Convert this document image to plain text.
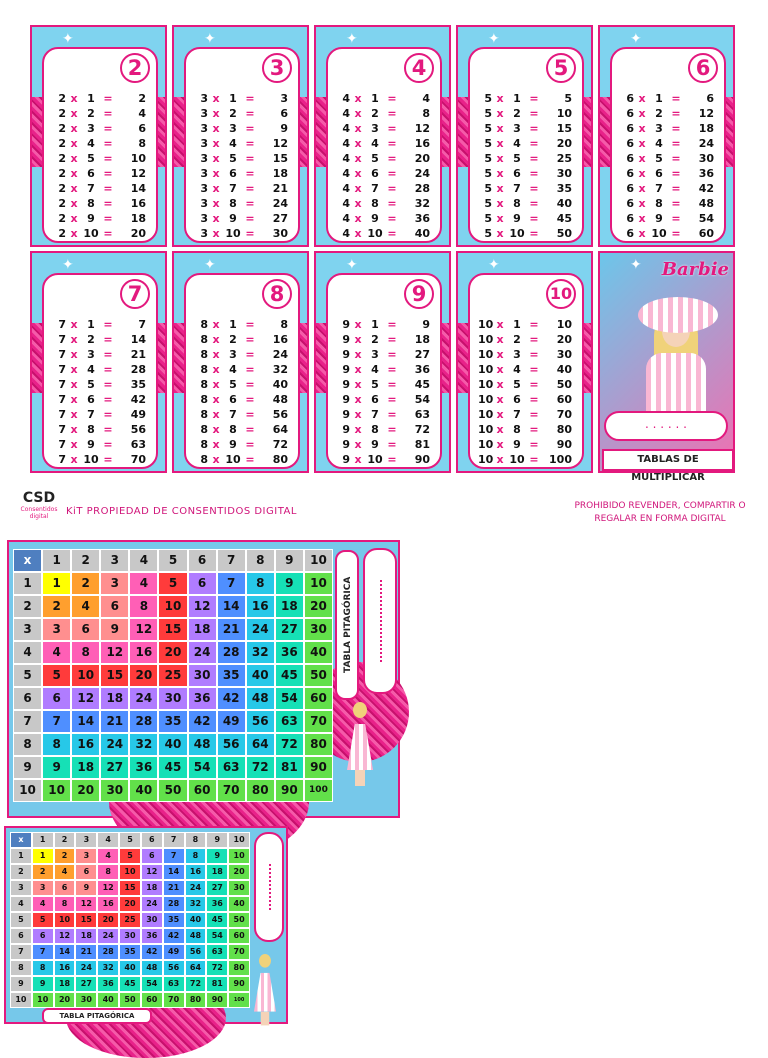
✦
2
2 x 1 =	2
2 x 2 =	4
2 x 3 =	6
2 x 4 =	8
2 x 5 =	10
2 x 6 =	12
2 x 7 =	14
2 x 8 =	16
2 x 9 =	18
2 x 10 =	20
✦
3
3 x 1 =	3
3 x 2 =	6
3 x 3 =	9
3 x 4 =	12
3 x 5 =	15
3 x 6 =	18
3 x 7 =	21
3 x 8 =	24
3 x 9 =	27
3 x 10 =	30
✦
4
4 x 1 =	4
4 x 2 =	8
4 x 3 =	12
4 x 4 =	16
4 x 5 =	20
4 x 6 =	24
4 x 7 =	28
4 x 8 =	32
4 x 9 =	36
4 x 10 =	40
✦
5
5 x 1 =	5
5 x 2 =	10
5 x 3 =	15
5 x 4 =	20
5 x 5 =	25
5 x 6 =	30
5 x 7 =	35
5 x 8 =	40
5 x 9 =	45
5 x 10 =	50
✦
6
6 x 1 =	6
6 x 2 =	12
6 x 3 =	18
6 x 4 =	24
6 x 5 =	30
6 x 6 =	36
6 x 7 =	42
6 x 8 =	48
6 x 9 =	54
6 x 10 =	60
✦
7
7 x 1 =	7
7 x 2 =	14
7 x 3 =	21
7 x 4 =	28
7 x 5 =	35
7 x 6 =	42
7 x 7 =	49
7 x 8 =	56
7 x 9 =	63
7 x 10 =	70
✦
8
8 x 1 =	8
8 x 2 =	16
8 x 3 =	24
8 x 4 =	32
8 x 5 =	40
8 x 6 =	48
8 x 7 =	56
8 x 8 =	64
8 x 9 =	72
8 x 10 =	80
✦
9
9 x 1 =	9
9 x 2 =	18
9 x 3 =	27
9 x 4 =	36
9 x 5 =	45
9 x 6 =	54
9 x 7 =	63
9 x 8 =	72
9 x 9 =	81
9 x 10 =	90
✦
10
10 x 1 =	10
10 x 2 =	20
10 x 3 =	30
10 x 4 =	40
10 x 5 =	50
10 x 6 =	60
10 x 7 =	70
10 x 8 =	80
10 x 9 =	90
10 x 10 = 100
✦ Barbie
. . . . . .
TABLAS DE MULTIPLICAR
CSD
Consentidos digital	KiT PROPIEDAD DE CONSENTIDOS DIGITAL	PROHIBIDO REVENDER, COMPARTIR O
REGALAR EN FORMA DIGITAL
x	1	2	3	4	5	6	7	8	9	10
1	1	2	3	4	5	6	7	8	9	10
2	2	4	6	8	10	12	14	16	18	20
3	3	6	9	12	15	18	21	24	27	30
4	4	8	12	16	20	24	28	32	36	40
5	5	10	15	20	25	30	35	40	45	50
6	6	12	18	24	30	36	42	48	54	60
7	7	14	21	28	35	42	49	56	63	70
8	8	16	24	32	40	48	56	64	72	80
9	9	18	27	36	45	54	63	72	81	90
10	10	20	30	40	50	60	70	80	90	100
TABLA PITAGÓRICA
x	1	2	3	4	5	6	7	8	9	10
1	1	2	3	4	5	6	7	8	9	10
2	2	4	6	8	10	12	14	16	18	20
3	3	6	9	12	15	18	21	24	27	30
4	4	8	12	16	20	24	28	32	36	40
5	5	10	15	20	25	30	35	40	45	50
6	6	12	18	24	30	36	42	48	54	60
7	7	14	21	28	35	42	49	56	63	70
8	8	16	24	32	40	48	56	64	72	80
9	9	18	27	36	45	54	63	72	81	90
10	10	20	30	40	50	60	70	80	90	100
TABLA PITAGÓRICA
